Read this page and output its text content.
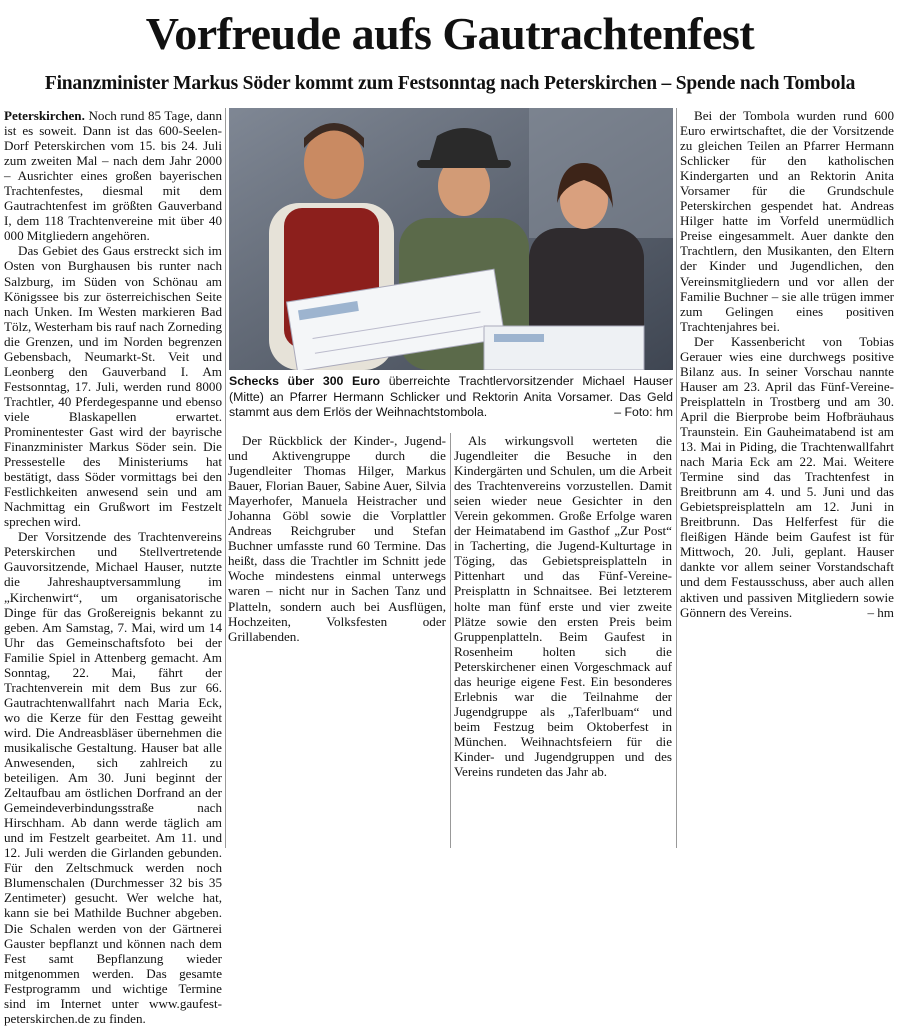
Vorfreude aufs Gautrachtenfest
Finanzminister Markus Söder kommt zum Festsonntag nach Peterskirchen – Spende nach Tombola

Peterskirchen. Noch rund 85 Tage, dann ist es soweit. Dann ist das 600-Seelen-Dorf Peterskirchen vom 15. bis 24. Juli zum zweiten Mal – nach dem Jahr 2000 – Ausrichter eines großen bayerischen Trachtenfestes, diesmal mit dem Gautrachtenfest im größten Gauverband I, dem 118 Trachtenvereine mit über 40 000 Mitgliedern angehören.

Das Gebiet des Gaus erstreckt sich im Osten von Burghausen bis runter nach Salzburg, im Süden von Schönau am Königssee bis zur österreichischen Seite nach Unken. Im Westen markieren Bad Tölz, Westerham bis rauf nach Zorneding die Grenzen, und im Norden begrenzen Gebensbach, Neumarkt-St. Veit und Leonberg den Gauverband I. Am Festsonntag, 17. Juli, werden rund 8000 Trachtler, 40 Pferdegespanne und ebenso viele Blaskapellen erwartet. Prominentester Gast wird der bayrische Finanzminister Markus Söder sein. Die Pressestelle des Ministeriums hat bestätigt, dass Söder vormittags bei den Festlichkeiten anwesend sein und am Nachmittag ein Grußwort im Festzelt sprechen wird.

Der Vorsitzende des Trachtenvereins Peterskirchen und Stellvertretende Gauvorsitzende, Michael Hauser, nutzte die Jahreshauptversammlung im „Kirchenwirt“, um organisatorische Dinge für das Großereignis bekannt zu geben. Am Samstag, 7. Mai, wird um 14 Uhr das Gemeinschaftsfoto bei der Familie Spiel in Attenberg gemacht. Am Sonntag, 22. Mai, fährt der Trachtenverein mit dem Bus zur 66. Gautrachtenwallfahrt nach Maria Eck, wo die Kerze für den Festtag geweiht wird. Die Andreasbläser übernehmen die musikalische Gestaltung. Hauser bat alle Anwesenden, sich zahlreich zu beteiligen. Am 30. Juni beginnt der Zeltaufbau am östlichen Dorfrand an der Gemeindeverbindungsstraße nach Hirschham. Ab dann werde täglich am und im Festzelt gearbeitet. Am 11. und 12. Juli werden die Girlanden gebunden. Für den Zeltschmuck werden noch Blumenschalen (Durchmesser 32 bis 35 Zentimeter) gesucht. Wer welche hat, kann sie bei Mathilde Buchner abgeben. Die Schalen werden von der Gärtnerei Gauster bepflanzt und können nach dem Fest samt Bepflanzung wieder mitgenommen werden. Das gesamte Festprogramm und wichtige Termine sind im Internet unter www.gaufest-peterskirchen.de zu finden.

Schecks über 300 Euro überreichte Trachtlervorsitzender Michael Hauser (Mitte) an Pfarrer Hermann Schlicker und Rektorin Anita Vorsamer. Das Geld stammt aus dem Erlös der Weihnachtstombola.	– Foto: hm

Der Rückblick der Kinder-, Jugend- und Aktivengruppe durch die Jugendleiter Thomas Hilger, Markus Bauer, Florian Bauer, Sabine Auer, Silvia Mayerhofer, Manuela Heistracher und Johanna Göbl sowie die Vorplattler Andreas Reichgruber und Stefan Buchner umfasste rund 60 Termine. Das heißt, dass die Trachtler im Schnitt jede Woche mindestens einmal unterwegs waren – nicht nur in Sachen Tanz und Platteln, sondern auch bei Ausflügen, Hochzeiten, Volksfesten oder Grillabenden.

Als wirkungsvoll werteten die Jugendleiter die Besuche in den Kindergärten und Schulen, um die Arbeit des Trachtenvereins vorzustellen. Damit seien wieder neue Gesichter in den Verein gekommen. Große Erfolge waren der Heimatabend im Gasthof „Zur Post“ in Tacherting, die Jugend-Kulturtage in Töging, das Gebietspreisplatteln in Pittenhart und das Fünf-Vereine-Preisplattn in Schnaitsee. Bei letzterem holte man fünf erste und vier zweite Plätze sowie den ersten Preis beim Gruppenplatteln. Beim Gaufest in Rosenheim holten sich die Peterskirchener einen Vorgeschmack auf das heurige eigene Fest. Ein besonderes Erlebnis war die Teilnahme der Jugendgruppe als „Taferlbuam“ und beim Festzug beim Oktoberfest in München. Weihnachtsfeiern für die Kinder- und Jugendgruppen und des Vereins rundeten das Jahr ab.

Bei der Tombola wurden rund 600 Euro erwirtschaftet, die der Vorsitzende zu gleichen Teilen an Pfarrer Hermann Schlicker für den katholischen Kindergarten und an Rektorin Anita Vorsamer für die Grundschule Peterskirchen gespendet hat. Andreas Hilger hatte im Vorfeld unermüdlich Preise eingesammelt. Auer dankte den Trachtlern, den Musikanten, den Eltern der Kinder und Jugendlichen, den Vereinsmitgliedern und vor allen der Familie Buchner – sie alle trügen immer zum Gelingen eines positiven Trachtenjahres bei.

Der Kassenbericht von Tobias Gerauer wies eine durchwegs positive Bilanz aus. In seiner Vorschau nannte Hauser am 23. April das Fünf-Vereine-Preisplatteln in Trostberg und am 30. April die Bierprobe beim Hofbräuhaus Traunstein. Ein Gauheimatabend ist am 13. Mai in Piding, die Trachtenwallfahrt nach Maria Eck am 22. Mai. Weitere Termine sind das Trachtenfest in Breitbrunn am 4. und 5. Juni und das Gebietspreisplatteln am 12. Juni in Breitbrunn. Das Helferfest für die fleißigen Hände beim Gaufest ist für Mittwoch, 20. Juli, geplant. Hauser dankte vor allem seiner Vorstandschaft und dem Festausschuss, aber auch allen aktiven und passiven Mitgliedern sowie Gönnern des Vereins.	– hm
